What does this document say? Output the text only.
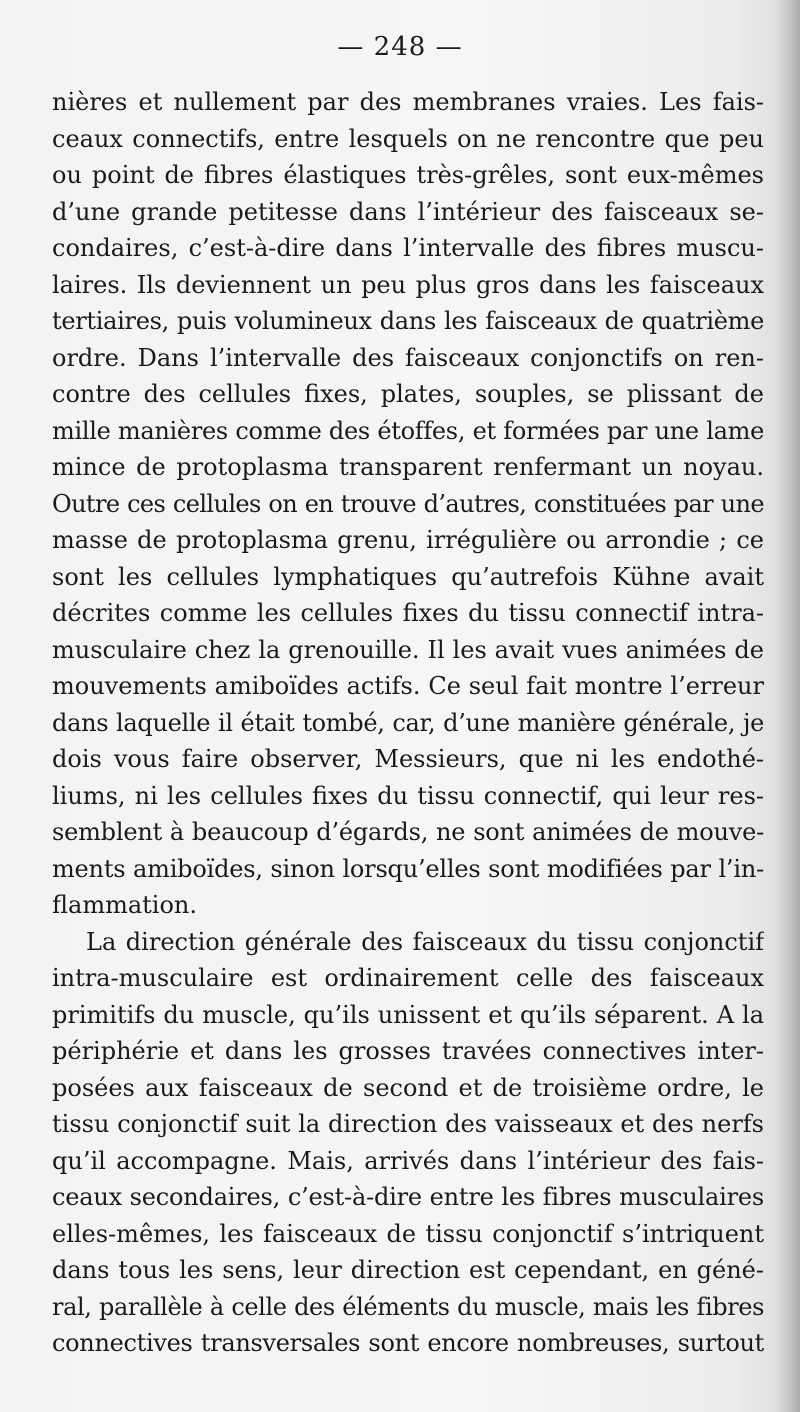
— 248 —
nières et nullement par des membranes vraies. Les fais-
ceaux connectifs, entre lesquels on ne rencontre que peu
ou point de fibres élastiques très-grêles, sont eux-mêmes
d’une grande petitesse dans l’intérieur des faisceaux se-
condaires, c’est-à-dire dans l’intervalle des fibres muscu-
laires. Ils deviennent un peu plus gros dans les faisceaux
tertiaires, puis volumineux dans les faisceaux de quatrième
ordre. Dans l’intervalle des faisceaux conjonctifs on ren-
contre des cellules fixes, plates, souples, se plissant de
mille manières comme des étoffes, et formées par une lame
mince de protoplasma transparent renfermant un noyau.
Outre ces cellules on en trouve d’autres, constituées par une
masse de protoplasma grenu, irrégulière ou arrondie ; ce
sont les cellules lymphatiques qu’autrefois Kühne avait
décrites comme les cellules fixes du tissu connectif intra-
musculaire chez la grenouille. Il les avait vues animées de
mouvements amiboïdes actifs. Ce seul fait montre l’erreur
dans laquelle il était tombé, car, d’une manière générale, je
dois vous faire observer, Messieurs, que ni les endothé-
liums, ni les cellules fixes du tissu connectif, qui leur res-
semblent à beaucoup d’égards, ne sont animées de mouve-
ments amiboïdes, sinon lorsqu’elles sont modifiées par l’in-
flammation.
La direction générale des faisceaux du tissu conjonctif
intra-musculaire est ordinairement celle des faisceaux
primitifs du muscle, qu’ils unissent et qu’ils séparent. A la
périphérie et dans les grosses travées connectives inter-
posées aux faisceaux de second et de troisième ordre, le
tissu conjonctif suit la direction des vaisseaux et des nerfs
qu’il accompagne. Mais, arrivés dans l’intérieur des fais-
ceaux secondaires, c’est-à-dire entre les fibres musculaires
elles-mêmes, les faisceaux de tissu conjonctif s’intriquent
dans tous les sens, leur direction est cependant, en géné-
ral, parallèle à celle des éléments du muscle, mais les fibres
connectives transversales sont encore nombreuses, surtout
